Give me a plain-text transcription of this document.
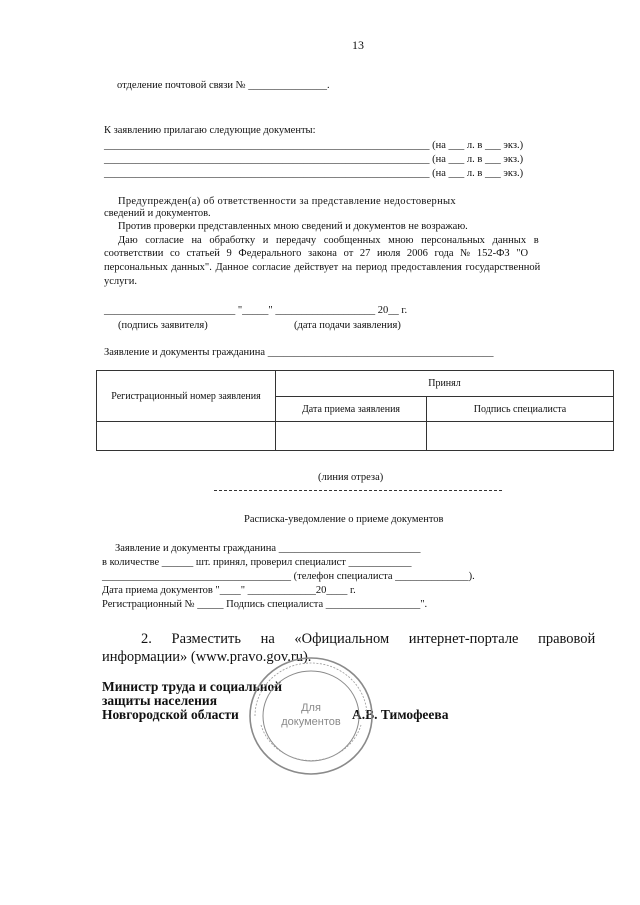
13
отделение почтовой связи № _______________.
К заявлению прилагаю следующие документы:
______________________________________________________________ (на ___ л. в ___ экз.)
______________________________________________________________ (на ___ л. в ___ экз.)
______________________________________________________________ (на ___ л. в ___ экз.)
Предупрежден(а) об ответственности за представление недостоверных
сведений и документов.
Против проверки представленных мною сведений и документов не возражаю.
Даю согласие на обработку и передачу сообщенных мною персональных данных в
соответствии со статьей 9 Федерального закона от 27 июля 2006 года № 152-ФЗ "О
персональных данных". Данное согласие действует на период предоставления государственной
услуги.
_________________________ "_____" ___________________ 20__ г.
(подпись заявителя)	(дата подачи заявления)
Заявление и документы гражданина ___________________________________________
Регистрационный номер заявления	Принял	
	Дата приема заявления	Подпись специалиста

(линия отреза)
Расписка-уведомление о приеме документов
Заявление и документы гражданина ___________________________
в количестве ______ шт. принял, проверил специалист ____________
____________________________________ (телефон специалиста ______________).
Дата приема документов "____" _____________20____ г.
Регистрационный № _____ Подпись специалиста __________________".
2. Разместить на «Официальном интернет-портале правовой
информации» (www.pravo.gov.ru).
Министр труда и социальной
защиты населения
Новгородской области	А.В. Тимофеева
Для
документов
